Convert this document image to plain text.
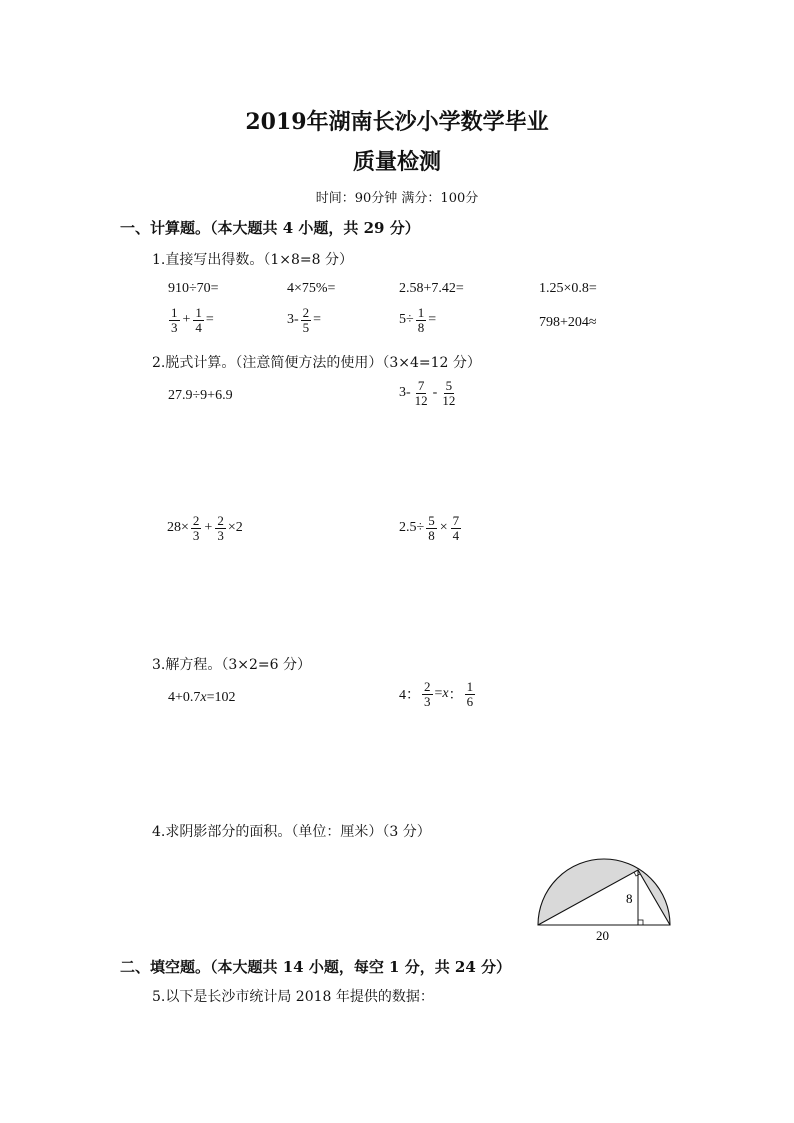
2019年湖南长沙小学数学毕业
质量检测
时间：90分钟 满分：100分
一、计算题。（本大题共 4 小题，共 29 分）
1.直接写出得数。（1×8=8 分）
910÷70=	4×75%=	2.58+7.42=	1.25×0.8=
$\frac{1}{3} + \frac{1}{4}$ =	$3- \frac{2}{5}$ =	$5\div \frac{1}{8}$ =	798+204≈
2.脱式计算。（注意简便方法的使用）（3×4=12 分）
27.9÷9+6.9	$3- \frac{7}{12} - \frac{5}{12}$
$28\times \frac{2}{3} + \frac{2}{3} \times 2$	$2.5\div \frac{5}{8} \times \frac{7}{4}$
3.解方程。（3×2=6 分）
4+0.7 x =102	4： $\frac{2}{3} = x$ ： $\frac{1}{6}$
4.求阴影部分的面积。（单位：厘米）（3 分）
8
20
二、填空题。（本大题共 14 小题，每空 1 分，共 24 分）
5.以下是长沙市统计局 2018 年提供的数据：
